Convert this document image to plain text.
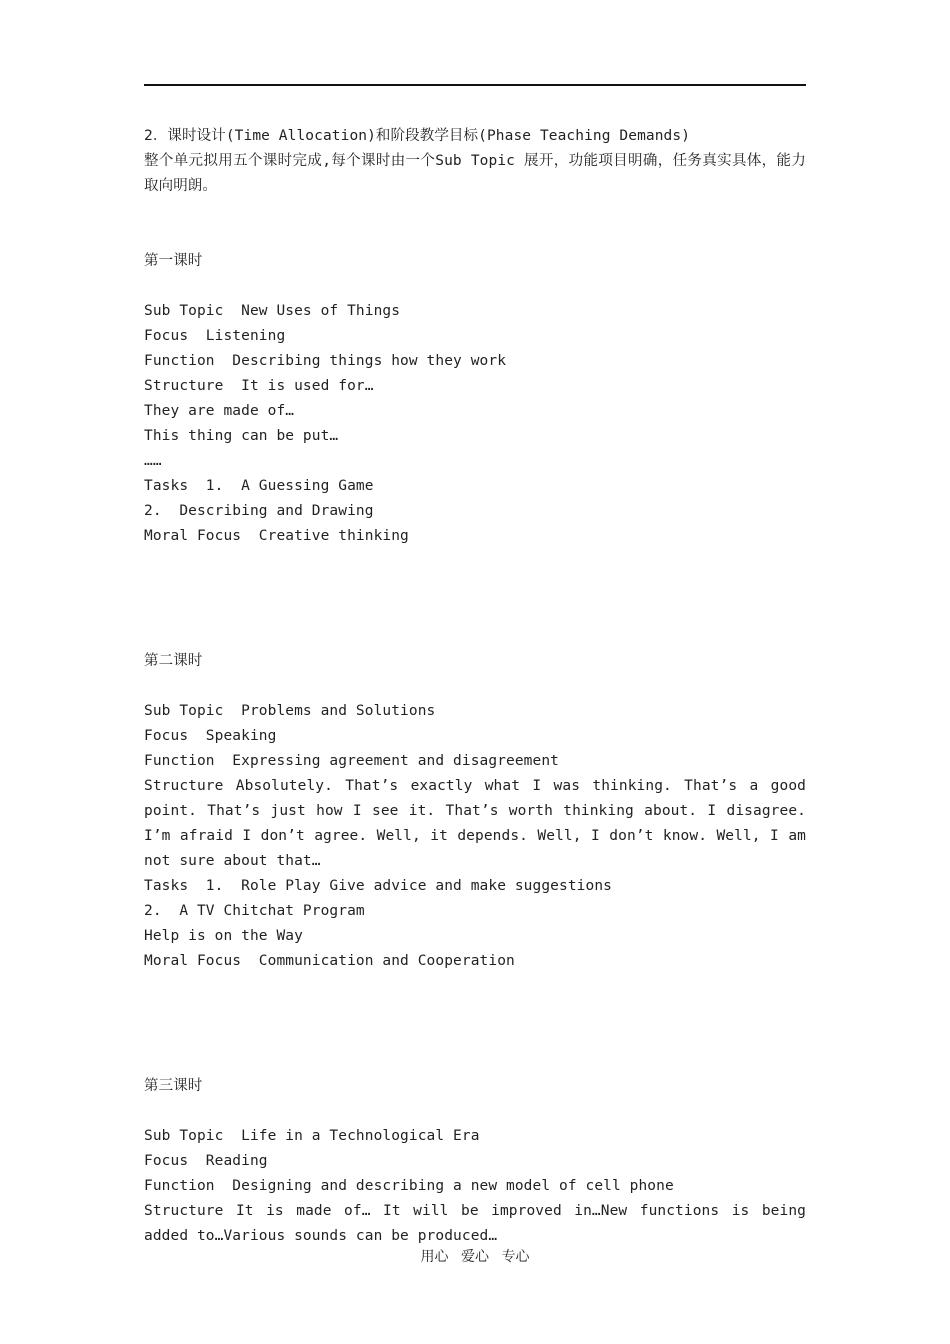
2．课时设计(Time Allocation)和阶段教学目标(Phase Teaching Demands)
整个单元拟用五个课时完成,每个课时由一个Sub Topic 展开，功能项目明确，任务真实具体，能力取向明朗。
第一课时
Sub Topic  New Uses of Things
Focus  Listening
Function  Describing things how they work
Structure  It is used for…
They are made of…
This thing can be put…
……
Tasks  1.  A Guessing Game
2.  Describing and Drawing
Moral Focus  Creative thinking
第二课时
Sub Topic  Problems and Solutions
Focus  Speaking
Function  Expressing agreement and disagreement
Structure Absolutely. That’s exactly what I was thinking. That’s a good point. That’s just how I see it. That’s worth thinking about. I disagree. I’m afraid I don’t agree. Well, it depends. Well, I don’t know. Well, I am not sure about that…
Tasks  1.  Role Play Give advice and make suggestions
2.  A TV Chitchat Program
Help is on the Way
Moral Focus  Communication and Cooperation
第三课时
Sub Topic  Life in a Technological Era
Focus  Reading
Function  Designing and describing a new model of cell phone
Structure It is made of… It will be improved in…New functions is being added to…Various sounds can be produced…
用心 爱心 专心
